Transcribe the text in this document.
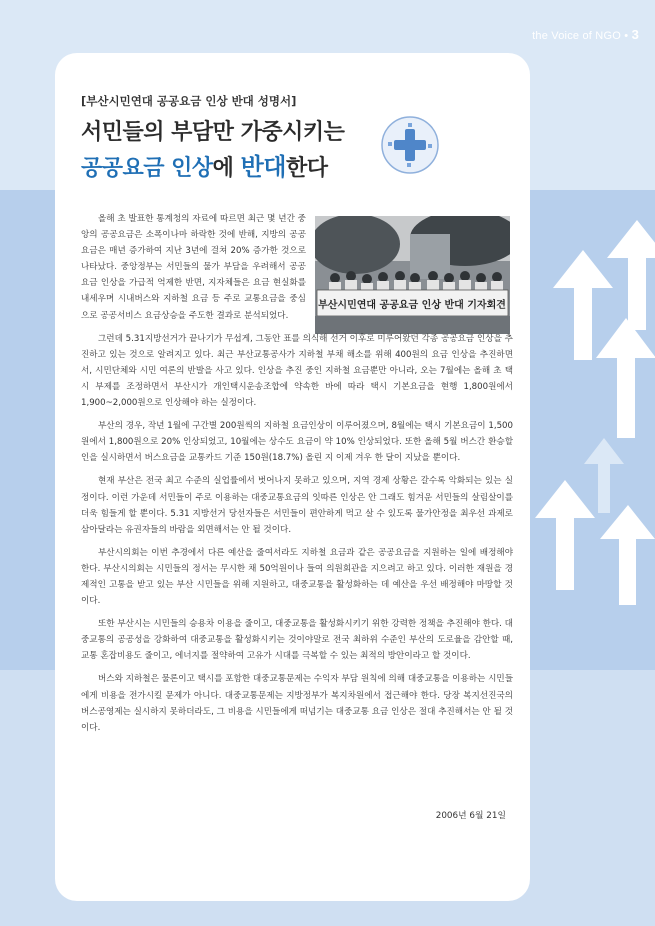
the Voice of NGO • 3
[부산시민연대 공공요금 인상 반대 성명서]
서민들의 부담만 가중시키는
공공요금 인상에 반대한다
부산시민연대 공공요금 인상 반대 기자회견

올해 초 발표한 통계청의 자료에 따르면 최근 몇 년간 중앙의 공공요금은 소폭이나마 하락한 것에 반해, 지방의 공공요금은 매년 증가하여 지난 3년에 걸쳐 20% 증가한 것으로 나타났다. 중앙정부는 서민들의 물가 부담을 우려해서 공공요금 인상을 가급적 억제한 반면, 지자체들은 요금 현실화를 내세우며 시내버스와 지하철 요금 등 주로 교통요금을 중심으로 공공서비스 요금상승을 주도한 결과로 분석되었다.

그런데 5.31지방선거가 끝나기가 무섭게, 그동안 표를 의식해 선거 이후로 미루어왔던 각종 공공요금 인상을 추진하고 있는 것으로 알려지고 있다. 최근 부산교통공사가 지하철 부채 해소를 위해 400원의 요금 인상을 추진하면서, 시민단체와 시민 여론의 반발을 사고 있다. 인상을 추진 중인 지하철 요금뿐만 아니라, 오는 7월에는 올해 초 택시 부제를 조정하면서 부산시가 개인택시운송조합에 약속한 바에 따라 택시 기본요금을 현행 1,800원에서 1,900~2,000원으로 인상해야 하는 실정이다.

부산의 경우, 작년 1월에 구간별 200원씩의 지하철 요금인상이 이루어졌으며, 8월에는 택시 기본요금이 1,500원에서 1,800원으로 20% 인상되었고, 10월에는 상수도 요금이 약 10% 인상되었다. 또한 올해 5월 버스간 환승할인을 실시하면서 버스요금을 교통카드 기준 150원(18.7%) 올린 지 이제 겨우 한 달이 지났을 뿐이다.

현재 부산은 전국 최고 수준의 실업률에서 벗어나지 못하고 있으며, 지역 경제 상황은 갈수록 악화되는 있는 실정이다. 이런 가운데 서민들이 주로 이용하는 대중교통요금의 잇따른 인상은 안 그래도 힘겨운 서민들의 살림살이를 더욱 힘들게 할 뿐이다. 5.31 지방선거 당선자들은 서민들이 편안하게 먹고 살 수 있도록 물가안정을 최우선 과제로 삼아달라는 유권자들의 바람을 외면해서는 안 될 것이다.

부산시의회는 이번 추경에서 다른 예산을 줄여서라도 지하철 요금과 같은 공공요금을 지원하는 일에 배정해야 한다. 부산시의회는 시민들의 정서는 무시한 채 50억원이나 들여 의원회관을 지으려고 하고 있다. 이러한 재원을 경제적인 고통을 받고 있는 부산 시민들을 위해 지원하고, 대중교통을 활성화하는 데 예산을 우선 배정해야 마땅할 것이다.

또한 부산시는 시민들의 승용차 이용을 줄이고, 대중교통을 활성화시키기 위한 강력한 정책을 추진해야 한다. 대중교통의 공공성을 강화하여 대중교통을 활성화시키는 것이야말로 전국 최하위 수준인 부산의 도로율을 감안할 때, 교통 혼잡비용도 줄이고, 에너지를 절약하여 고유가 시대를 극복할 수 있는 최적의 방안이라고 할 것이다.

버스와 지하철은 물론이고 택시를 포함한 대중교통문제는 수익자 부담 원칙에 의해 대중교통을 이용하는 시민들에게 비용을 전가시킬 문제가 아니다. 대중교통문제는 지방정부가 복지차원에서 접근해야 한다. 당장 복지선진국의 버스공영제는 실시하지 못하더라도, 그 비용을 시민들에게 떠넘기는 대중교통 요금 인상은 절대 추진해서는 안 될 것이다.

2006년 6월 21일
